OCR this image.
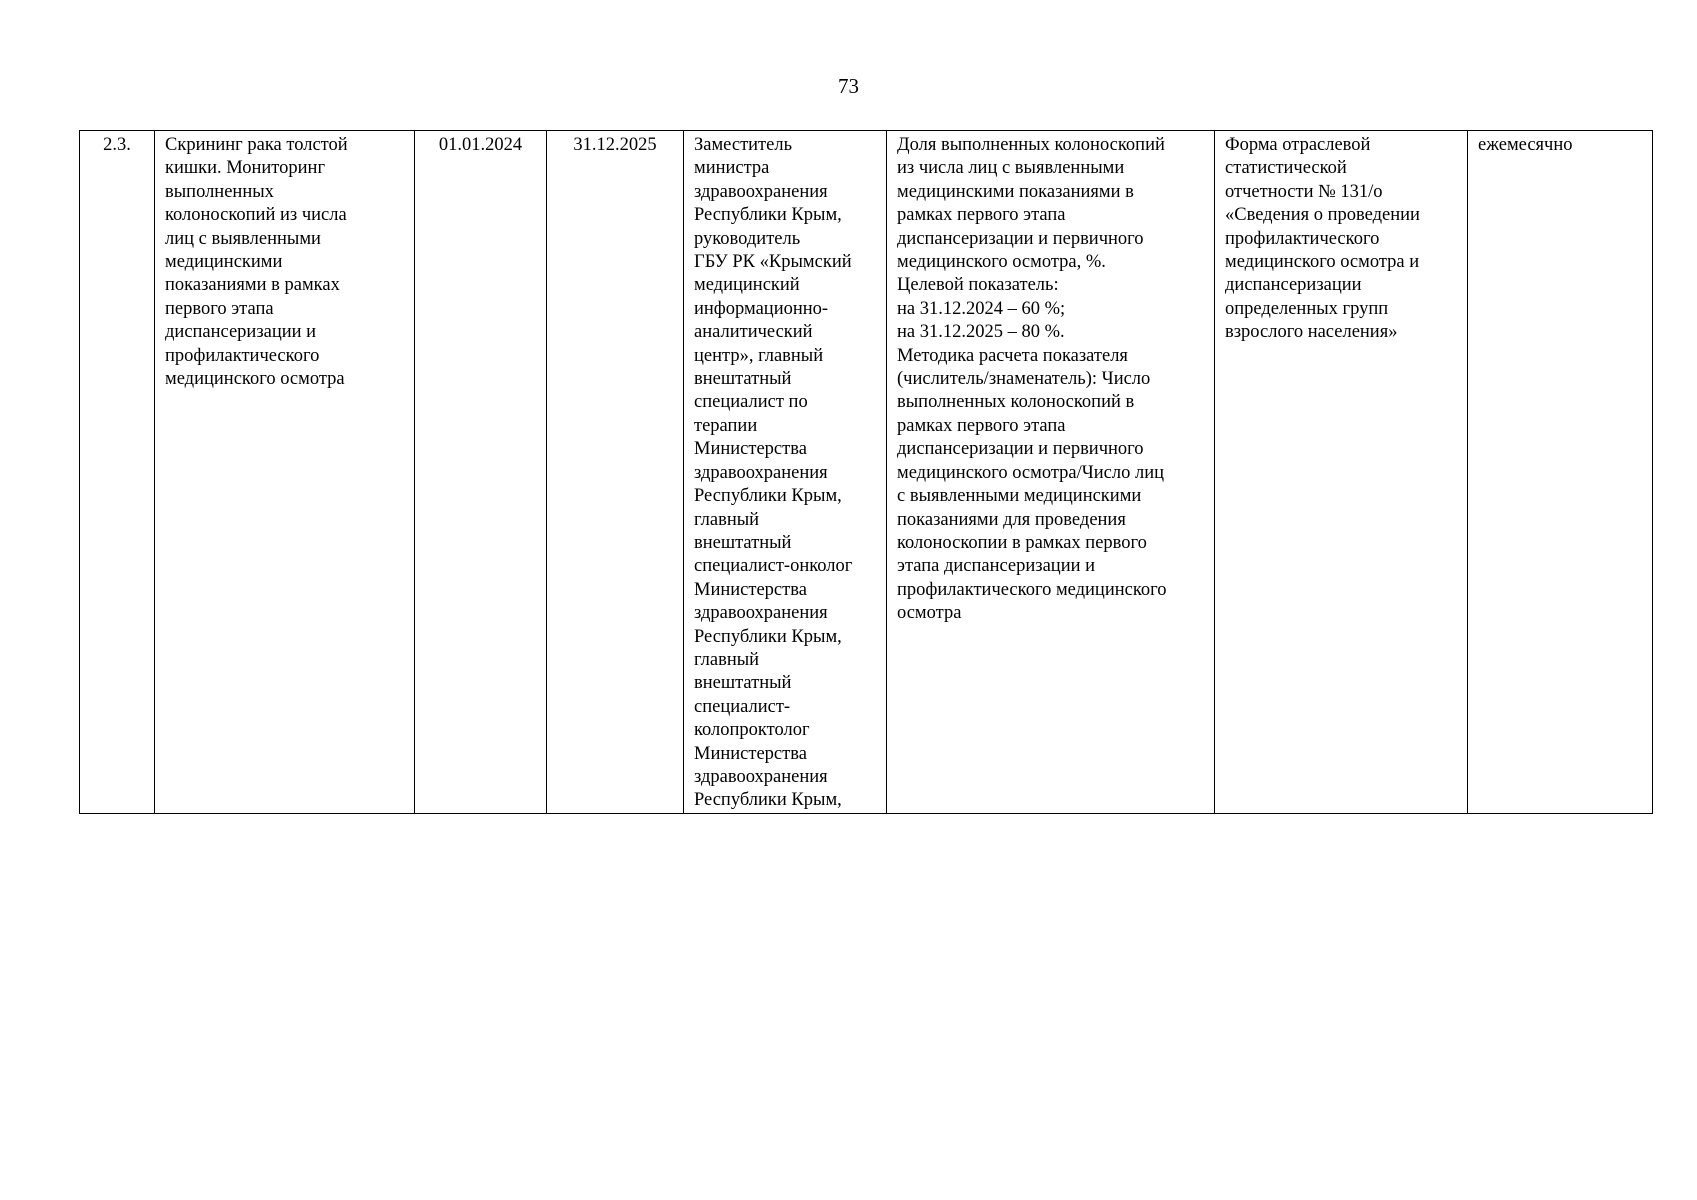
73
2.3.	Скрининг рака толстой
кишки. Мониторинг
выполненных
колоноскопий из числа
лиц с выявленными
медицинскими
показаниями в рамках
первого этапа
диспансеризации и
профилактического
медицинского осмотра	01.01.2024	31.12.2025	Заместитель
министра
здравоохранения
Республики Крым,
руководитель
ГБУ РК «Крымский
медицинский
информационно-
аналитический
центр», главный
внештатный
специалист по
терапии
Министерства
здравоохранения
Республики Крым,
главный
внештатный
специалист-онколог
Министерства
здравоохранения
Республики Крым,
главный
внештатный
специалист-
колопроктолог
Министерства
здравоохранения
Республики Крым,	Доля выполненных колоноскопий
из числа лиц с выявленными
медицинскими показаниями в
рамках первого этапа
диспансеризации и первичного
медицинского осмотра, %.
Целевой показатель:
на 31.12.2024 – 60 %;
на 31.12.2025 – 80 %.
Методика расчета показателя
(числитель/знаменатель): Число
выполненных колоноскопий в
рамках первого этапа
диспансеризации и первичного
медицинского осмотра/Число лиц
с выявленными медицинскими
показаниями для проведения
колоноскопии в рамках первого
этапа диспансеризации и
профилактического медицинского
осмотра	Форма отраслевой
статистической
отчетности № 131/о
«Сведения о проведении
профилактического
медицинского осмотра и
диспансеризации
определенных групп
взрослого населения»	ежемесячно
